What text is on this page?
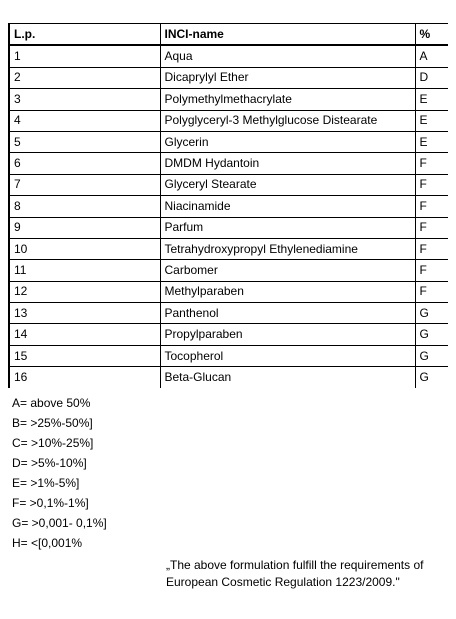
L.p.	INCI-name	%
1	Aqua	A
2	Dicaprylyl Ether	D
3	Polymethylmethacrylate	E
4	Polyglyceryl-3 Methylglucose Distearate	E
5	Glycerin	E
6	DMDM Hydantoin	F
7	Glyceryl Stearate	F
8	Niacinamide	F
9	Parfum	F
10	Tetrahydroxypropyl Ethylenediamine	F
11	Carbomer	F
12	Methylparaben	F
13	Panthenol	G
14	Propylparaben	G
15	Tocopherol	G
16	Beta-Glucan	G
A= above 50%
B= >25%-50%]
C= >10%-25%]
D= >5%-10%]
E= >1%-5%]
F= >0,1%-1%]
G= >0,001- 0,1%]
H= <[0,001%
„The above formulation fulfill the requirements of European Cosmetic Regulation 1223/2009."
